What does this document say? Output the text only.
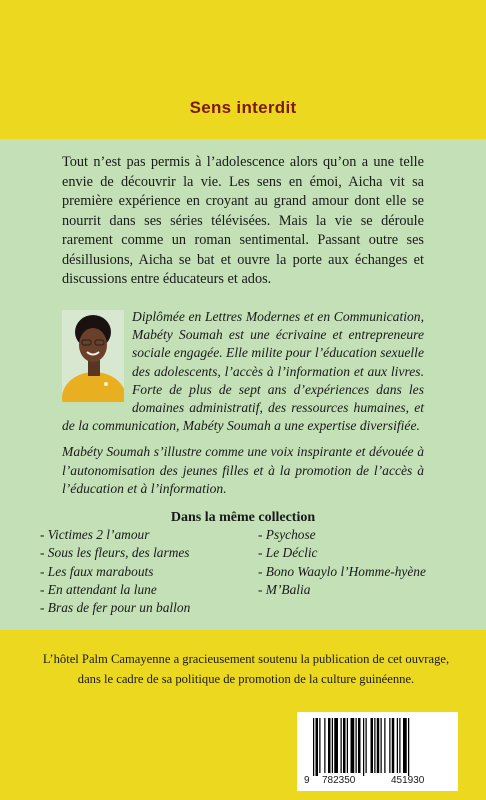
Sens interdit
Tout n’est pas permis à l’adolescence alors qu’on a une telle envie de découvrir la vie. Les sens en émoi, Aicha vit sa première expérience en croyant au grand amour dont elle se nourrit dans ses séries télévisées. Mais la vie se déroule rarement comme un roman sentimental. Passant outre ses désillusions, Aicha se bat et ouvre la porte aux échanges et discussions entre éducateurs et ados.

Diplômée en Lettres Modernes et en Communication, Mabéty Soumah est une écrivaine et entrepreneure sociale engagée. Elle milite pour l’éducation sexuelle des adolescents, l’accès à l’information et aux livres. Forte de plus de sept ans d’expériences dans les domaines administratif, des ressources humaines, et de la communication, Mabéty Soumah a une expertise diversifiée.

Mabéty Soumah s’illustre comme une voix inspirante et dévouée à l’autonomisation des jeunes filles et à la promotion de l’accès à l’éducation et à l’information.

Dans la même collection
- Victimes 2 l’amour
- Sous les fleurs, des larmes
- Les faux marabouts
- En attendant la lune
- Bras de fer pour un ballon
- Psychose
- Le Déclic
- Bono Waaylo l’Homme-hyène
- M’Balia
L’hôtel Palm Camayenne a gracieusement soutenu la publication de cet ouvrage, dans le cadre de sa politique de promotion de la culture guinéenne.
9 782350	451930
